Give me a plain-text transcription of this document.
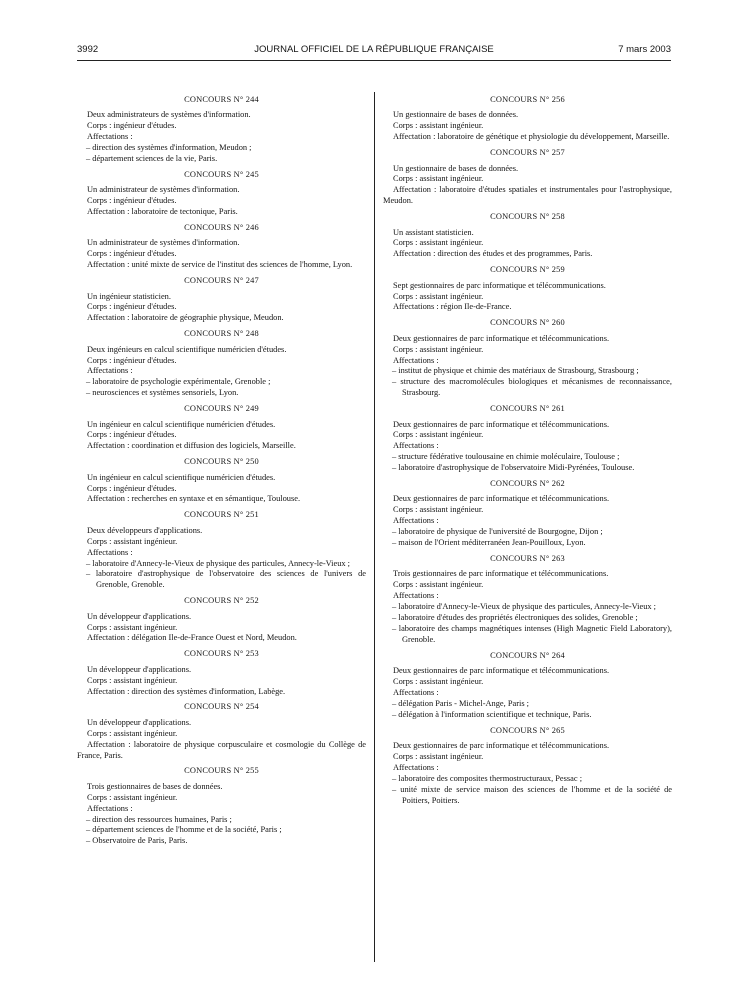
3992	JOURNAL OFFICIEL DE LA RÉPUBLIQUE FRANÇAISE	7 mars 2003
CONCOURS N° 244
Deux administrateurs de systèmes d'information.
Corps : ingénieur d'études.
Affectations :
– direction des systèmes d'information, Meudon ;
– département sciences de la vie, Paris.
CONCOURS N° 245
Un administrateur de systèmes d'information.
Corps : ingénieur d'études.
Affectation : laboratoire de tectonique, Paris.
CONCOURS N° 246
Un administrateur de systèmes d'information.
Corps : ingénieur d'études.
Affectation : unité mixte de service de l'institut des sciences de l'homme, Lyon.
CONCOURS N° 247
Un ingénieur statisticien.
Corps : ingénieur d'études.
Affectation : laboratoire de géographie physique, Meudon.
CONCOURS N° 248
Deux ingénieurs en calcul scientifique numéricien d'études.
Corps : ingénieur d'études.
Affectations :
– laboratoire de psychologie expérimentale, Grenoble ;
– neurosciences et systèmes sensoriels, Lyon.
CONCOURS N° 249
Un ingénieur en calcul scientifique numéricien d'études.
Corps : ingénieur d'études.
Affectation : coordination et diffusion des logiciels, Marseille.
CONCOURS N° 250
Un ingénieur en calcul scientifique numéricien d'études.
Corps : ingénieur d'études.
Affectation : recherches en syntaxe et en sémantique, Toulouse.
CONCOURS N° 251
Deux développeurs d'applications.
Corps : assistant ingénieur.
Affectations :
– laboratoire d'Annecy-le-Vieux de physique des particules, Annecy-le-Vieux ;
– laboratoire d'astrophysique de l'observatoire des sciences de l'univers de Grenoble, Grenoble.
CONCOURS N° 252
Un développeur d'applications.
Corps : assistant ingénieur.
Affectation : délégation Ile-de-France Ouest et Nord, Meudon.
CONCOURS N° 253
Un développeur d'applications.
Corps : assistant ingénieur.
Affectation : direction des systèmes d'information, Labège.
CONCOURS N° 254
Un développeur d'applications.
Corps : assistant ingénieur.
Affectation : laboratoire de physique corpusculaire et cosmologie du Collège de France, Paris.
CONCOURS N° 255
Trois gestionnaires de bases de données.
Corps : assistant ingénieur.
Affectations :
– direction des ressources humaines, Paris ;
– département sciences de l'homme et de la société, Paris ;
– Observatoire de Paris, Paris.
CONCOURS N° 256
Un gestionnaire de bases de données.
Corps : assistant ingénieur.
Affectation : laboratoire de génétique et physiologie du développement, Marseille.
CONCOURS N° 257
Un gestionnaire de bases de données.
Corps : assistant ingénieur.
Affectation : laboratoire d'études spatiales et instrumentales pour l'astrophysique, Meudon.
CONCOURS N° 258
Un assistant statisticien.
Corps : assistant ingénieur.
Affectation : direction des études et des programmes, Paris.
CONCOURS N° 259
Sept gestionnaires de parc informatique et télécommunications.
Corps : assistant ingénieur.
Affectations : région Ile-de-France.
CONCOURS N° 260
Deux gestionnaires de parc informatique et télécommunications.
Corps : assistant ingénieur.
Affectations :
– institut de physique et chimie des matériaux de Strasbourg, Strasbourg ;
– structure des macromolécules biologiques et mécanismes de reconnaissance, Strasbourg.
CONCOURS N° 261
Deux gestionnaires de parc informatique et télécommunications.
Corps : assistant ingénieur.
Affectations :
– structure fédérative toulousaine en chimie moléculaire, Toulouse ;
– laboratoire d'astrophysique de l'observatoire Midi-Pyrénées, Toulouse.
CONCOURS N° 262
Deux gestionnaires de parc informatique et télécommunications.
Corps : assistant ingénieur.
Affectations :
– laboratoire de physique de l'université de Bourgogne, Dijon ;
– maison de l'Orient méditerranéen Jean-Pouilloux, Lyon.
CONCOURS N° 263
Trois gestionnaires de parc informatique et télécommunications.
Corps : assistant ingénieur.
Affectations :
– laboratoire d'Annecy-le-Vieux de physique des particules, Annecy-le-Vieux ;
– laboratoire d'études des propriétés électroniques des solides, Grenoble ;
– laboratoire des champs magnétiques intenses (High Magnetic Field Laboratory), Grenoble.
CONCOURS N° 264
Deux gestionnaires de parc informatique et télécommunications.
Corps : assistant ingénieur.
Affectations :
– délégation Paris - Michel-Ange, Paris ;
– délégation à l'information scientifique et technique, Paris.
CONCOURS N° 265
Deux gestionnaires de parc informatique et télécommunications.
Corps : assistant ingénieur.
Affectations :
– laboratoire des composites thermostructuraux, Pessac ;
– unité mixte de service maison des sciences de l'homme et de la société de Poitiers, Poitiers.
